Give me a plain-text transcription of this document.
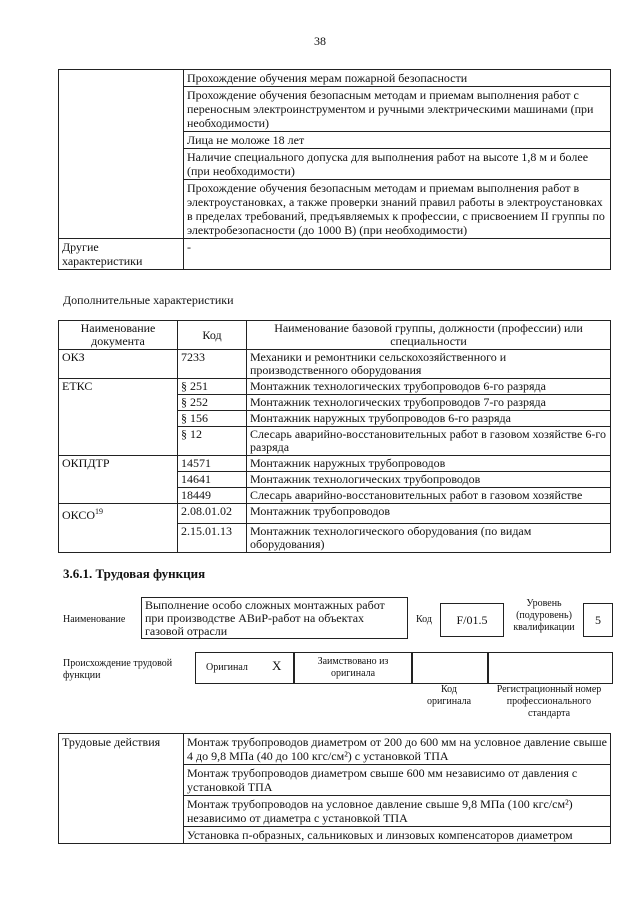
38

	Прохождение обучения мерам пожарной безопасности
Прохождение обучения безопасным методам и приемам выполнения работ с переносным электроинструментом и ручными электрическими машинами (при необходимости)
Лица не моложе 18 лет
Наличие специального допуска для выполнения работ на высоте 1,8 м и более (при необходимости)
Прохождение обучения безопасным методам и приемам выполнения работ в электроустановках, а также проверки знаний правил работы в электроустановках в пределах требований, предъявляемых к профессии, с присвоением II группы по электробезопасности (до 1000 В) (при необходимости)

Другие характеристики	-
Дополнительные характеристики
Наименование документа	Код	Наименование базовой группы, должности (профессии) или специальности
ОКЗ	7233	Механики и ремонтники сельскохозяйственного и производственного оборудования
ЕТКС	§ 251	Монтажник технологических трубопроводов 6-го разряда
	§ 252	Монтажник технологических трубопроводов 7-го разряда
	§ 156	Монтажник наружных трубопроводов 6-го разряда
	§ 12	Слесарь аварийно-восстановительных работ в газовом хозяйстве 6-го разряда
ОКПДТР	14571	Монтажник наружных трубопроводов
	14641	Монтажник технологических трубопроводов
	18449	Слесарь аварийно-восстановительных работ в газовом хозяйстве
ОКСО$^{19}$	2.08.01.02	Монтажник трубопроводов
	2.15.01.13	Монтажник технологического оборудования (по видам оборудования)
3.6.1. Трудовая функция
Наименование
Выполнение особо сложных монтажных работ при производстве АВиР-работ на объектах газовой отрасли
Код	F/01.5
Уровень (подуровень) квалификации
5
Происхождение трудовой функции
Оригинал X	Заимствовано из оригинала
Код оригинала
Регистрационный номер профессионального стандарта
Трудовые действия	Монтаж трубопроводов диаметром от 200 до 600 мм на условное давление свыше 4 до 9,8 МПа (40 до 100 кгс/см²) с установкой ТПА
Монтаж трубопроводов диаметром свыше 600 мм независимо от давления с установкой ТПА
Монтаж трубопроводов на условное давление свыше 9,8 МПа (100 кгс/см²) независимо от диаметра с установкой ТПА
Установка п-образных, сальниковых и линзовых компенсаторов диаметром
